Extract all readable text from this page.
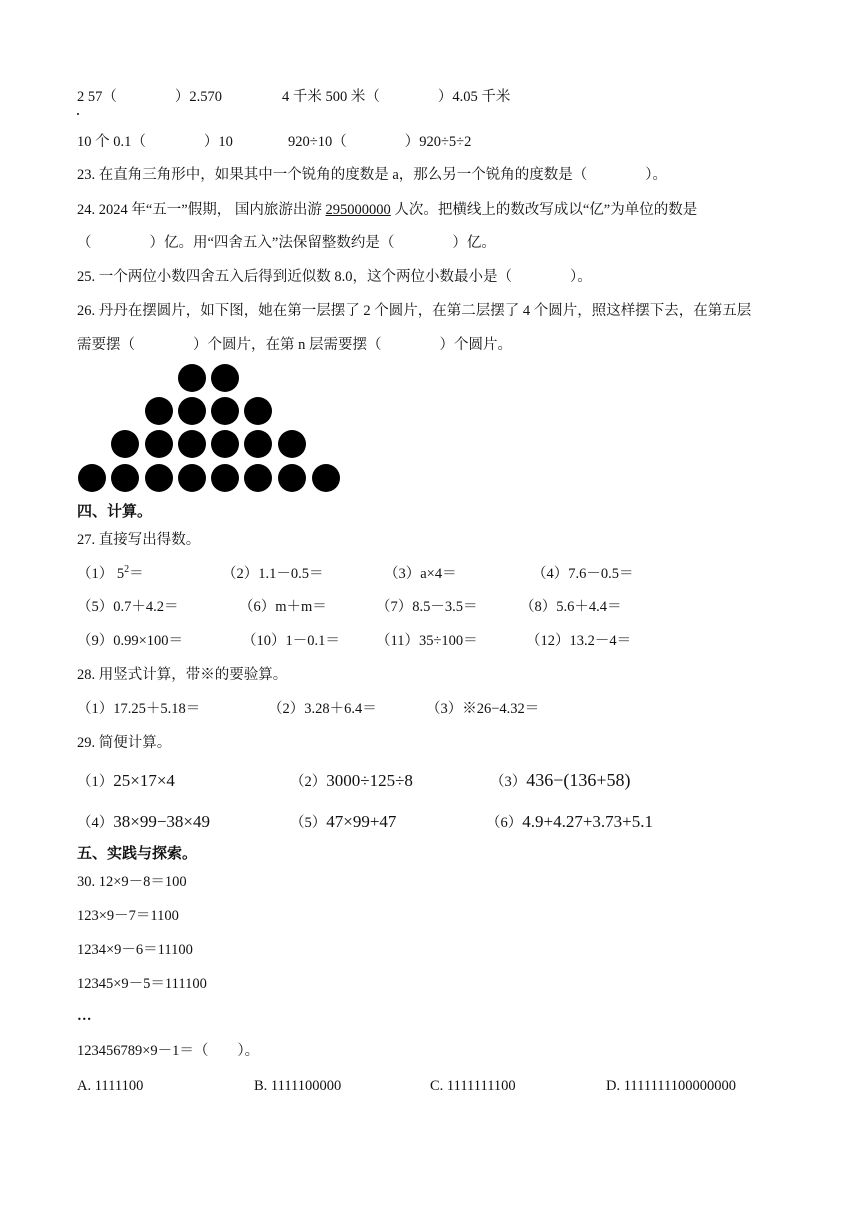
2 57（　　　　）2.570	4 千米 500 米（　　　　）4.05 千米
10 个 0.1（　　　　）10	920÷10（　　　　）920÷5÷2
23. 在直角三角形中，如果其中一个锐角的度数是 a，那么另一个锐角的度数是（　　　　）。
24. 2024 年“五一”假期， 国内旅游出游 295000000 人次。把横线上的数改写成以“亿”为单位的数是
（　　　　）亿。用“四舍五入”法保留整数约是（　　　　）亿。
25. 一个两位小数四舍五入后得到近似数 8.0，这个两位小数最小是（　　　　）。
26. 丹丹在摆圆片，如下图，她在第一层摆了 2 个圆片，在第二层摆了 4 个圆片，照这样摆下去，在第五层
需要摆（　　　　）个圆片，在第 n 层需要摆（　　　　）个圆片。
四、计算。
27. 直接写出得数。
（1） $5^2=$	（2）1.1－0.5＝	（3）a×4＝	（4）7.6－0.5＝
（5）0.7＋4.2＝	（6）m＋m＝	（7）8.5－3.5＝	（8）5.6＋4.4＝
（9）0.99×100＝	（10）1－0.1＝ （11）35÷100＝	（12）13.2－4＝
28. 用竖式计算，带※的要验算。
（1）17.25＋5.18＝	（2）3.28＋6.4＝	（3）※26−4.32＝
29. 简便计算。
（1）25×17×4	（2）3000÷125÷8	（3）436−(136+58)
（4）38×99−38×49	（5）47×99+47	（6）4.9+4.27+3.73+5.1
五、实践与探索。
30. 12×9－8＝100
123×9－7＝1100
1234×9－6＝11100
12345×9－5＝111100
…
123456789×9－1＝（　　）。
A. 1111100	B. 1111100000	C. 1111111100	D. 1111111100000000
